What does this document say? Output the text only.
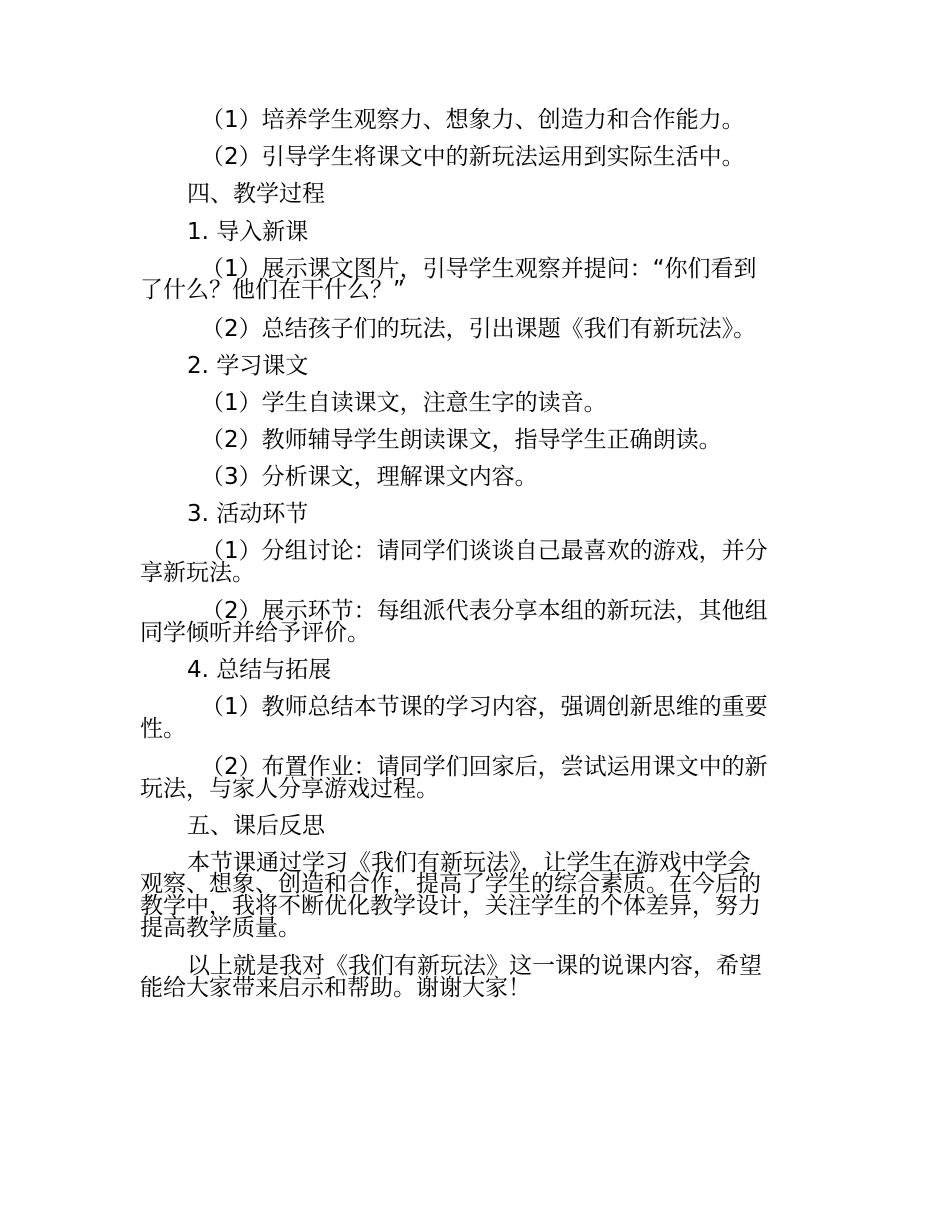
（1）培养学生观察力、想象力、创造力和合作能力。
（2）引导学生将课文中的新玩法运用到实际生活中。
四、教学过程
1. 导入新课
（1）展示课文图片，引导学生观察并提问：“你们看到
了什么？他们在干什么？”
（2）总结孩子们的玩法，引出课题《我们有新玩法》。
2. 学习课文
（1）学生自读课文，注意生字的读音。
（2）教师辅导学生朗读课文，指导学生正确朗读。
（3）分析课文，理解课文内容。
3. 活动环节
（1）分组讨论：请同学们谈谈自己最喜欢的游戏，并分
享新玩法。
（2）展示环节：每组派代表分享本组的新玩法，其他组
同学倾听并给予评价。
4. 总结与拓展
（1）教师总结本节课的学习内容，强调创新思维的重要
性。
（2）布置作业：请同学们回家后，尝试运用课文中的新
玩法，与家人分享游戏过程。
五、课后反思
本节课通过学习《我们有新玩法》，让学生在游戏中学会
观察、想象、创造和合作，提高了学生的综合素质。在今后的
教学中，我将不断优化教学设计，关注学生的个体差异，努力
提高教学质量。
以上就是我对《我们有新玩法》这一课的说课内容，希望
能给大家带来启示和帮助。谢谢大家！
